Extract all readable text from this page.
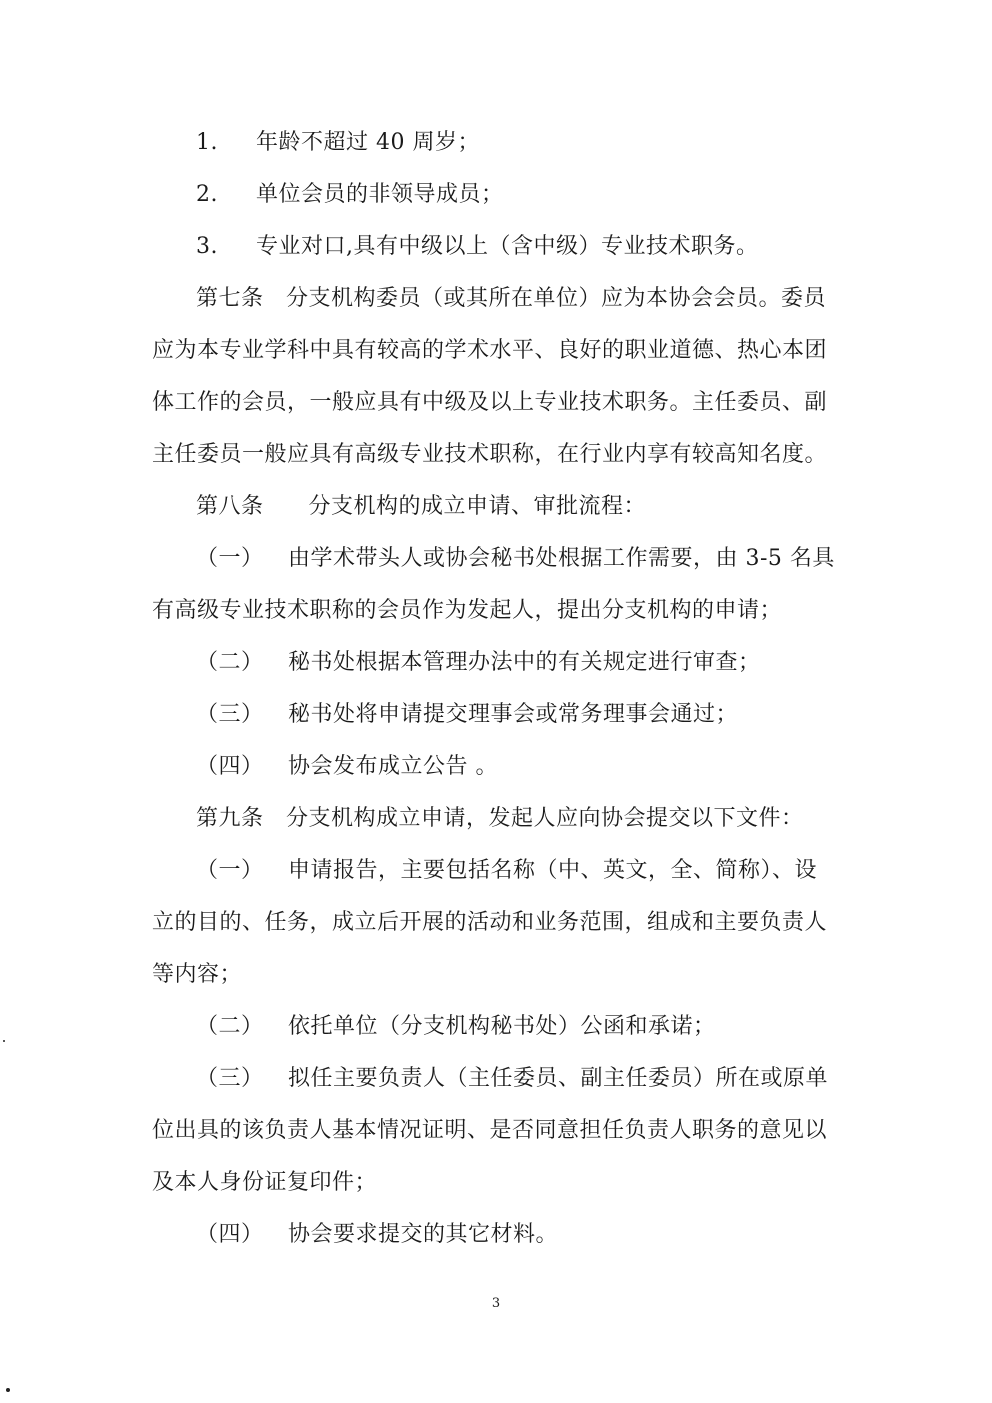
1. 年龄不超过 40 周岁；
2. 单位会员的非领导成员；
3. 专业对口,具有中级以上（含中级）专业技术职务。
第七条　分支机构委员（或其所在单位）应为本协会会员。委员
应为本专业学科中具有较高的学术水平、良好的职业道德、热心本团
体工作的会员，一般应具有中级及以上专业技术职务。主任委员、副
主任委员一般应具有高级专业技术职称，在行业内享有较高知名度。
第八条　　分支机构的成立申请、审批流程：
（一） 由学术带头人或协会秘书处根据工作需要，由 3-5 名具
有高级专业技术职称的会员作为发起人，提出分支机构的申请；
（二） 秘书处根据本管理办法中的有关规定进行审查；
（三） 秘书处将申请提交理事会或常务理事会通过；
（四） 协会发布成立公告 。
第九条　分支机构成立申请，发起人应向协会提交以下文件：
（一） 申请报告，主要包括名称（中、英文，全、简称）、设
立的目的、任务，成立后开展的活动和业务范围，组成和主要负责人
等内容；
（二） 依托单位（分支机构秘书处）公函和承诺；
（三） 拟任主要负责人（主任委员、副主任委员）所在或原单
位出具的该负责人基本情况证明、是否同意担任负责人职务的意见以
及本人身份证复印件；
（四） 协会要求提交的其它材料。
3
